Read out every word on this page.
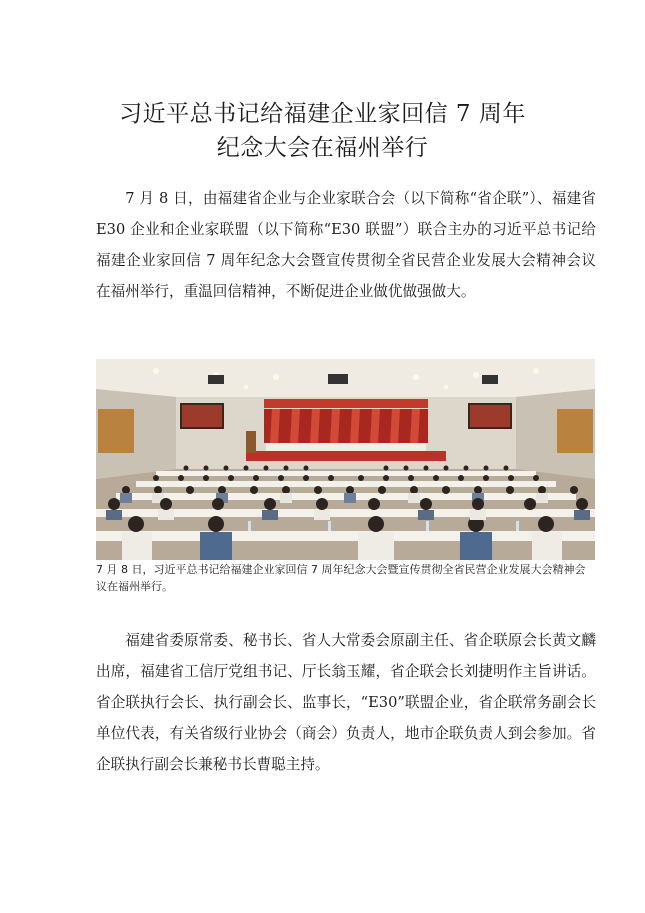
习近平总书记给福建企业家回信 7 周年
纪念大会在福州举行

7 月 8 日，由福建省企业与企业家联合会（以下简称“省企联”）、福建省 E30 企业和企业家联盟（以下简称“E30 联盟”）联合主办的习近平总书记给福建企业家回信 7 周年纪念大会暨宣传贯彻全省民营企业发展大会精神会议在福州举行，重温回信精神，不断促进企业做优做强做大。

7 月 8 日，习近平总书记给福建企业家回信 7 周年纪念大会暨宣传贯彻全省民营企业发展大会精神会议在福州举行。

福建省委原常委、秘书长、省人大常委会原副主任、省企联原会长黄文麟出席，福建省工信厅党组书记、厅长翁玉耀，省企联会长刘捷明作主旨讲话。省企联执行会长、执行副会长、监事长，“E30”联盟企业，省企联常务副会长单位代表，有关省级行业协会（商会）负责人，地市企联负责人到会参加。省企联执行副会长兼秘书长曹聪主持。
